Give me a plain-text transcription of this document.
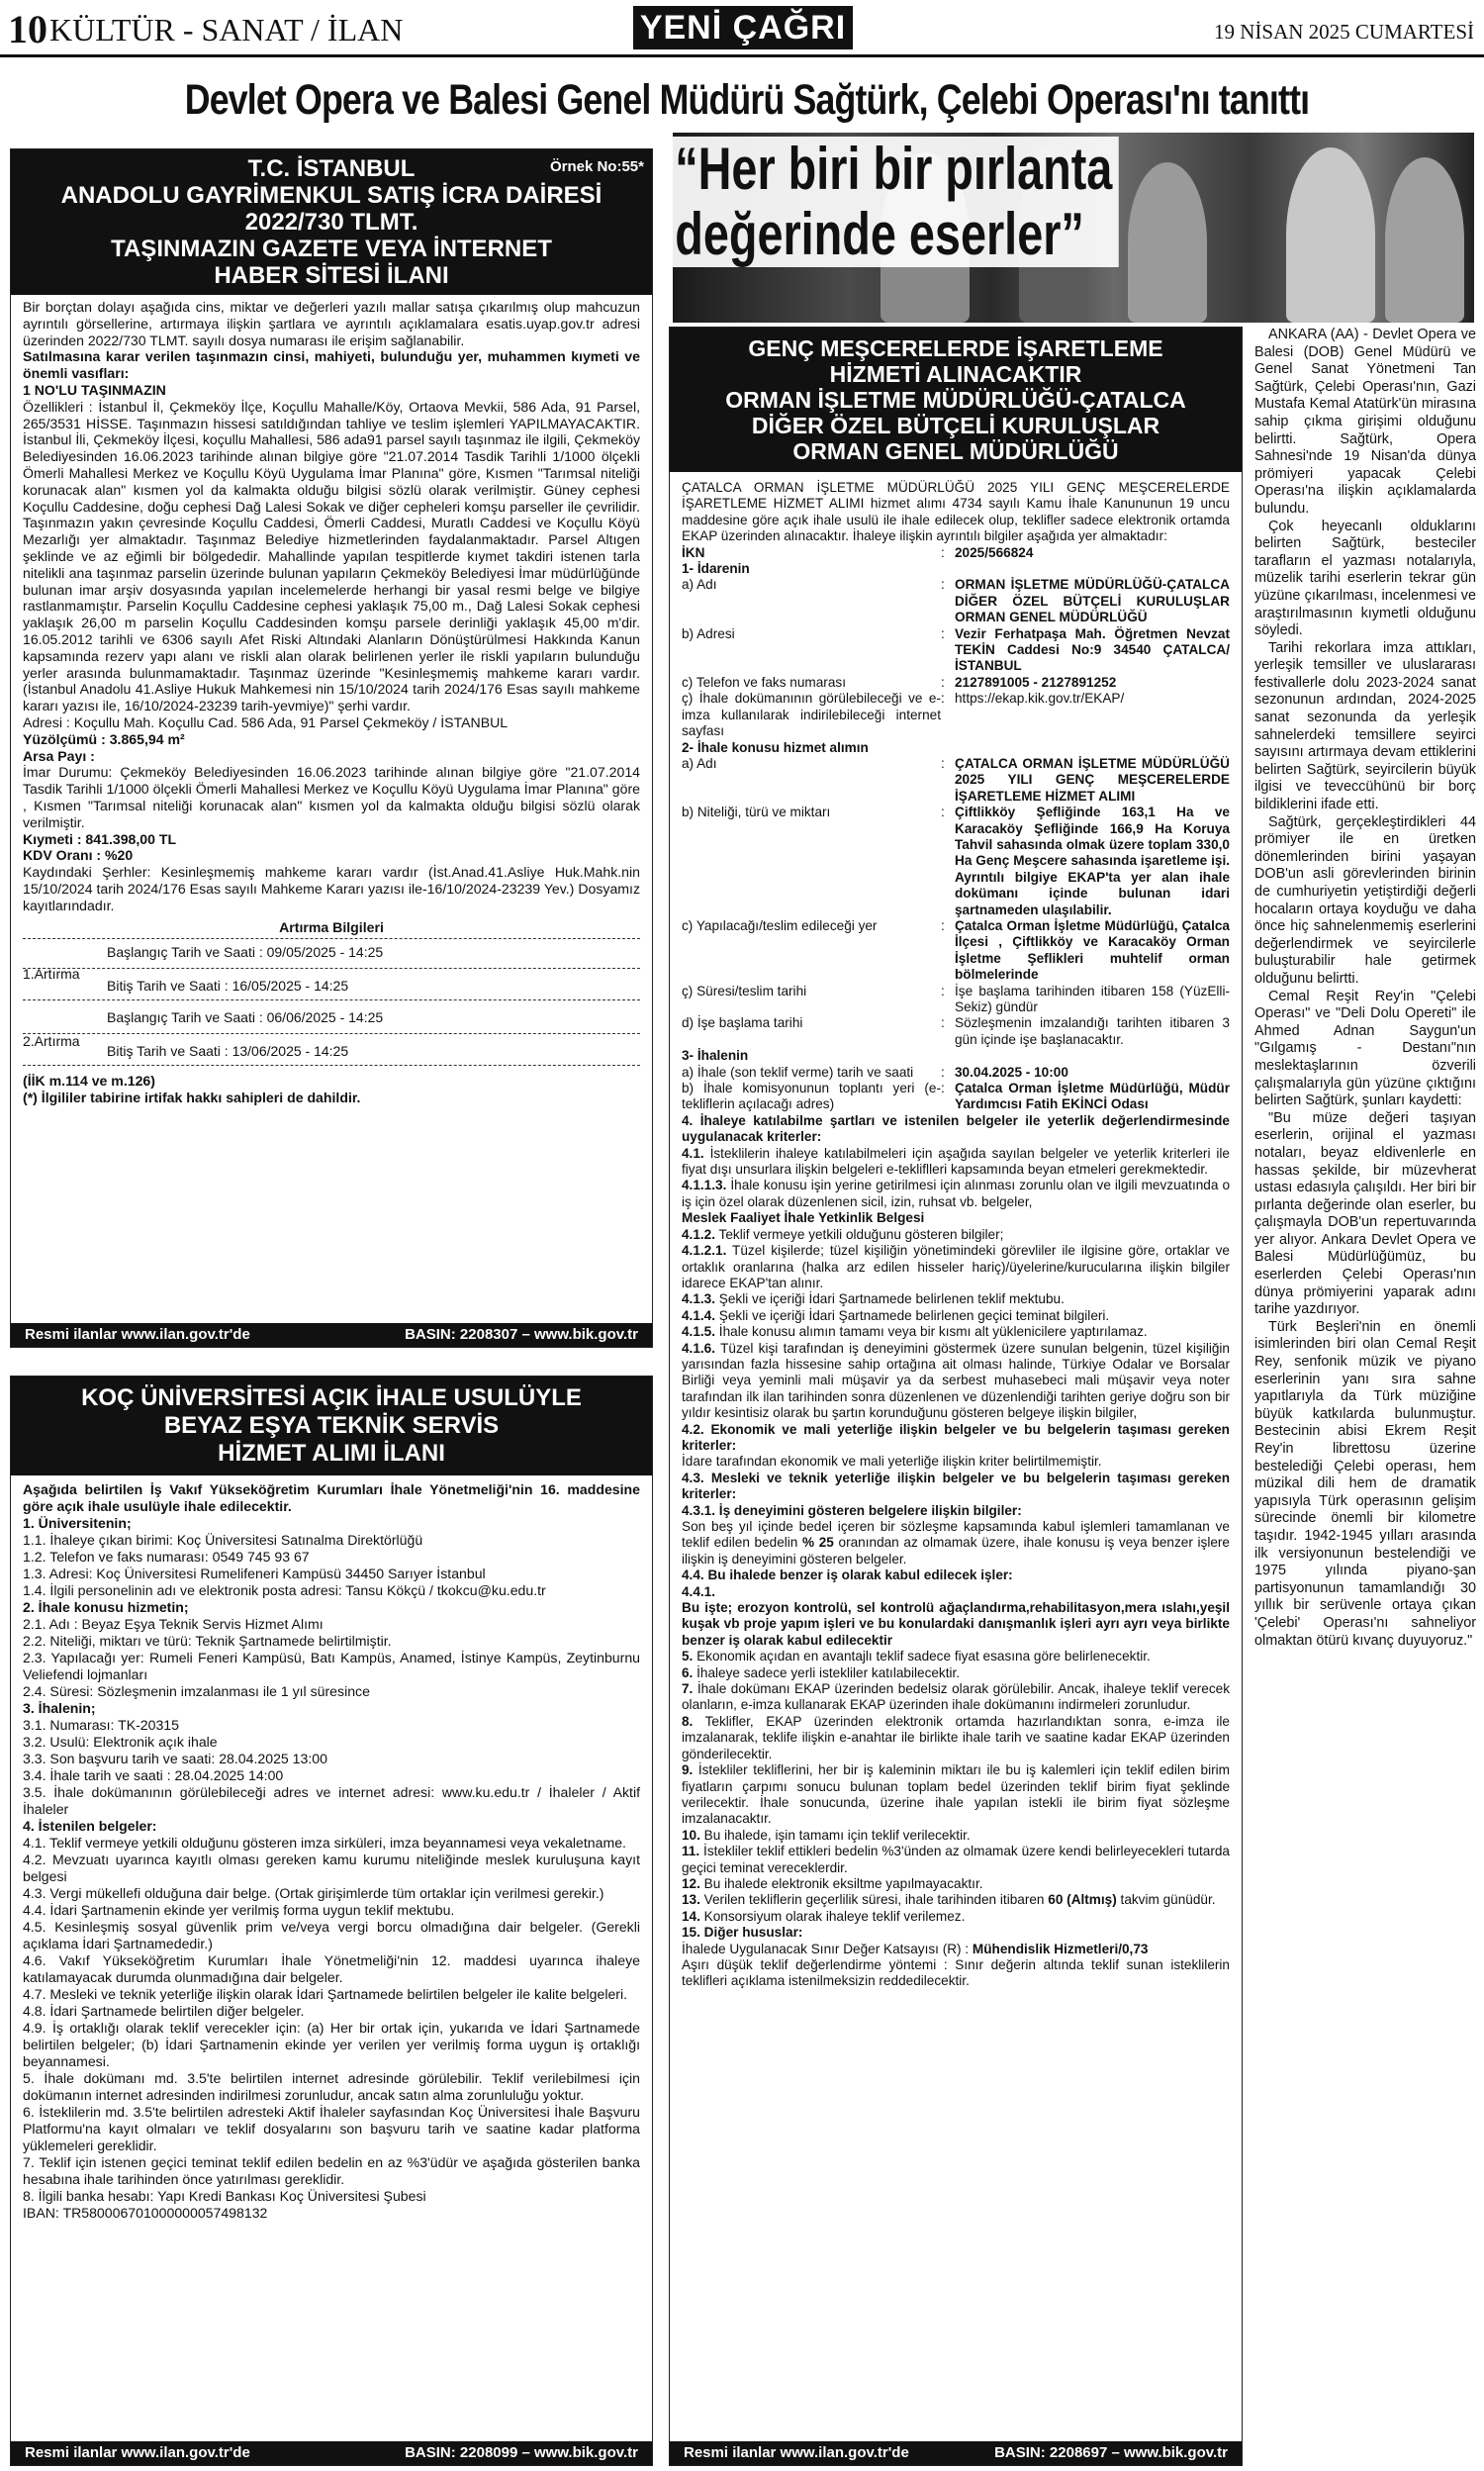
10 KÜLTÜR - SANAT / İLAN	YENİ ÇAĞRI	19 NİSAN 2025 CUMARTESİ
Devlet Opera ve Balesi Genel Müdürü Sağtürk, Çelebi Operası'nı tanıttı
“Her biri bir pırlanta
değerinde eserler”
Örnek No:55*
T.C. İSTANBUL
ANADOLU GAYRİMENKUL SATIŞ İCRA DAİRESİ
2022/730 TLMT.
TAŞINMAZIN GAZETE VEYA İNTERNET
HABER SİTESİ İLANI

Bir borçtan dolayı aşağıda cins, miktar ve değerleri yazılı mallar satışa çıkarılmış olup mahcuzun ayrıntılı görsellerine, artırmaya ilişkin şartlara ve ayrıntılı açıklamalara esatis.uyap.gov.tr adresi üzerinden 2022/730 TLMT. sayılı dosya numarası ile erişim sağlanabilir.

Satılmasına karar verilen taşınmazın cinsi, mahiyeti, bulunduğu yer, muhammen kıymeti ve önemli vasıfları:

1 NO'LU TAŞINMAZIN

Özellikleri : İstanbul İl, Çekmeköy İlçe, Koçullu Mahalle/Köy, Ortaova Mevkii, 586 Ada, 91 Parsel, 265/3531 HİSSE. Taşınmazın hissesi satıldığından tahliye ve teslim işlemleri YAPILMAYACAKTIR. İstanbul İli, Çekmeköy İlçesi, koçullu Mahallesi, 586 ada91 parsel sayılı taşınmaz ile ilgili, Çekmeköy Belediyesinden 16.06.2023 tarihinde alınan bilgiye göre "21.07.2014 Tasdik Tarihli 1/1000 ölçekli Ömerli Mahallesi Merkez ve Koçullu Köyü Uygulama İmar Planına" göre, Kısmen "Tarımsal niteliği korunacak alan" kısmen yol da kalmakta olduğu bilgisi sözlü olarak verilmiştir. Güney cephesi Koçullu Caddesine, doğu cephesi Dağ Lalesi Sokak ve diğer cepheleri komşu parseller ile çevrilidir. Taşınmazın yakın çevresinde Koçullu Caddesi, Ömerli Caddesi, Muratlı Caddesi ve Koçullu Köyü Mezarlığı yer almaktadır. Taşınmaz Belediye hizmetlerinden faydalanmaktadır. Parsel Altıgen şeklinde ve az eğimli bir bölgededir. Mahallinde yapılan tespitlerde kıymet takdiri istenen tarla nitelikli ana taşınmaz parselin üzerinde bulunan yapıların Çekmeköy Belediyesi İmar müdürlüğünde bulunan imar arşiv dosyasında yapılan incelemelerde herhangi bir yasal resmi belge ve bilgiye rastlanmamıştır. Parselin Koçullu Caddesine cephesi yaklaşık 75,00 m., Dağ Lalesi Sokak cephesi yaklaşık 26,00 m parselin Koçullu Caddesinden komşu parsele derinliği yaklaşık 45,00 m'dir. 16.05.2012 tarihli ve 6306 sayılı Afet Riski Altındaki Alanların Dönüştürülmesi Hakkında Kanun kapsamında rezerv yapı alanı ve riskli alan olarak belirlenen yerler ile riskli yapıların bulunduğu yerler arasında bulunmamaktadır. Taşınmaz üzerinde "Kesinleşmemiş mahkeme kararı vardır. (İstanbul Anadolu 41.Asliye Hukuk Mahkemesi nin 15/10/2024 tarih 2024/176 Esas sayılı mahkeme kararı yazısı ile, 16/10/2024-23239 tarih-yevmiye)" şerhi vardır.

Adresi : Koçullu Mah. Koçullu Cad. 586 Ada, 91 Parsel Çekmeköy / İSTANBUL

Yüzölçümü : 3.865,94 m²

Arsa Payı :

İmar Durumu: Çekmeköy Belediyesinden 16.06.2023 tarihinde alınan bilgiye göre "21.07.2014 Tasdik Tarihli 1/1000 ölçekli Ömerli Mahallesi Merkez ve Koçullu Köyü Uygulama İmar Planına" göre , Kısmen "Tarımsal niteliği korunacak alan" kısmen yol da kalmakta olduğu bilgisi sözlü olarak verilmiştir.

Kıymeti : 841.398,00 TL

KDV Oranı : %20

Kaydındaki Şerhler: Kesinleşmemiş mahkeme kararı vardır (İst.Anad.41.Asliye Huk.Mahk.nin 15/10/2024 tarih 2024/176 Esas sayılı Mahkeme Kararı yazısı ile-16/10/2024-23239 Yev.) Dosyamız kayıtlarındadır.

Artırma Bilgileri

1.Artırma
Başlangıç Tarih ve Saati : 09/05/2025 - 14:25
Bitiş Tarih ve Saati : 16/05/2025 - 14:25
2.Artırma
Başlangıç Tarih ve Saati : 06/06/2025 - 14:25
Bitiş Tarih ve Saati : 13/06/2025 - 14:25

(İİK m.114 ve m.126)

(*) İlgililer tabirine irtifak hakkı sahipleri de dahildir.

Resmi ilanlar www.ilan.gov.tr'de	BASIN: 2208307 – www.bik.gov.tr
KOÇ ÜNİVERSİTESİ AÇIK İHALE USULÜYLE
BEYAZ EŞYA TEKNİK SERVİS
HİZMET ALIMI İLANI

Aşağıda belirtilen İş Vakıf Yükseköğretim Kurumları İhale Yönetmeliği'nin 16. maddesine göre açık ihale usulüyle ihale edilecektir.

1. Üniversitenin;

1.1. İhaleye çıkan birimi: Koç Üniversitesi Satınalma Direktörlüğü

1.2. Telefon ve faks numarası: 0549 745 93 67

1.3. Adresi: Koç Üniversitesi Rumelifeneri Kampüsü 34450 Sarıyer İstanbul

1.4. İlgili personelinin adı ve elektronik posta adresi: Tansu Kökçü / tkokcu@ku.edu.tr

2. İhale konusu hizmetin;

2.1. Adı : Beyaz Eşya Teknik Servis Hizmet Alımı

2.2. Niteliği, miktarı ve türü: Teknik Şartnamede belirtilmiştir.

2.3. Yapılacağı yer: Rumeli Feneri Kampüsü, Batı Kampüs, Anamed, İstinye Kampüs, Zeytinburnu Veliefendi lojmanları

2.4. Süresi: Sözleşmenin imzalanması ile 1 yıl süresince

3. İhalenin;

3.1. Numarası: TK-20315

3.2. Usulü: Elektronik açık ihale

3.3. Son başvuru tarih ve saati: 28.04.2025 13:00

3.4. İhale tarih ve saati : 28.04.2025 14:00

3.5. İhale dokümanının görülebileceği adres ve internet adresi: www.ku.edu.tr / İhaleler / Aktif İhaleler

4. İstenilen belgeler:

4.1. Teklif vermeye yetkili olduğunu gösteren imza sirküleri, imza beyannamesi veya vekaletname.

4.2. Mevzuatı uyarınca kayıtlı olması gereken kamu kurumu niteliğinde meslek kuruluşuna kayıt belgesi

4.3. Vergi mükellefi olduğuna dair belge. (Ortak girişimlerde tüm ortaklar için verilmesi gerekir.)

4.4. İdari Şartnamenin ekinde yer verilmiş forma uygun teklif mektubu.

4.5. Kesinleşmiş sosyal güvenlik prim ve/veya vergi borcu olmadığına dair belgeler. (Gerekli açıklama İdari Şartnamededir.)

4.6. Vakıf Yükseköğretim Kurumları İhale Yönetmeliği'nin 12. maddesi uyarınca ihaleye katılamayacak durumda olunmadığına dair belgeler.

4.7. Mesleki ve teknik yeterliğe ilişkin olarak İdari Şartnamede belirtilen belgeler ile kalite belgeleri.

4.8. İdari Şartnamede belirtilen diğer belgeler.

4.9. İş ortaklığı olarak teklif verecekler için: (a) Her bir ortak için, yukarıda ve İdari Şartnamede belirtilen belgeler; (b) İdari Şartnamenin ekinde yer verilen yer verilmiş forma uygun iş ortaklığı beyannamesi.

5. İhale dokümanı md. 3.5'te belirtilen internet adresinde görülebilir. Teklif verilebilmesi için dokümanın internet adresinden indirilmesi zorunludur, ancak satın alma zorunluluğu yoktur.

6. İsteklilerin md. 3.5'te belirtilen adresteki Aktif İhaleler sayfasından Koç Üniversitesi İhale Başvuru Platformu'na kayıt olmaları ve teklif dosyalarını son başvuru tarih ve saatine kadar platforma yüklemeleri gereklidir.

7. Teklif için istenen geçici teminat teklif edilen bedelin en az %3'üdür ve aşağıda gösterilen banka hesabına ihale tarihinden önce yatırılması gereklidir.

8. İlgili banka hesabı: Yapı Kredi Bankası Koç Üniversitesi Şubesi

IBAN: TR580006701000000057498132

Resmi ilanlar www.ilan.gov.tr'de	BASIN: 2208099 – www.bik.gov.tr
GENÇ MEŞCERELERDE İŞARETLEME
HİZMETİ ALINACAKTIR
ORMAN İŞLETME MÜDÜRLÜĞÜ-ÇATALCA
DİĞER ÖZEL BÜTÇELİ KURULUŞLAR
ORMAN GENEL MÜDÜRLÜĞÜ

ÇATALCA ORMAN İŞLETME MÜDÜRLÜĞÜ 2025 YILI GENÇ MEŞCERELERDE İŞARETLEME HİZMET ALIMI hizmet alımı 4734 sayılı Kamu İhale Kanununun 19 uncu maddesine göre açık ihale usulü ile ihale edilecek olup, teklifler sadece elektronik ortamda EKAP üzerinden alınacaktır. İhaleye ilişkin ayrıntılı bilgiler aşağıda yer almaktadır:

İKN	: 2025/566824
1- İdarenin
a) Adı	: ORMAN İŞLETME MÜDÜRLÜĞÜ-ÇATALCA DİĞER ÖZEL BÜTÇELİ KURULUŞLAR ORMAN GENEL MÜDÜRLÜĞÜ
b) Adresi	: Vezir Ferhatpaşa Mah. Öğretmen Nevzat TEKİN Caddesi No:9 34540 ÇATALCA/İSTANBUL
c) Telefon ve faks numarası	: 2127891005 - 2127891252
ç) İhale dokümanının görülebileceği ve e-imza kullanılarak indirilebileceği internet sayfası
: https://ekap.kik.gov.tr/EKAP/
2- İhale konusu hizmet alımın
a) Adı	: ÇATALCA ORMAN İŞLETME MÜDÜRLÜĞÜ 2025 YILI GENÇ MEŞCERELERDE İŞARETLEME HİZMET ALIMI
b) Niteliği, türü ve miktarı	: Çiftlikköy Şefliğinde 163,1 Ha ve Karacaköy Şefliğinde 166,9 Ha Koruya Tahvil sahasında olmak üzere toplam 330,0 Ha Genç Meşcere sahasında işaretleme işi. Ayrıntılı bilgiye EKAP'ta yer alan ihale dokümanı içinde bulunan idari şartnameden ulaşılabilir.
c) Yapılacağı/teslim edileceği yer	: Çatalca Orman İşletme Müdürlüğü, Çatalca İlçesi , Çiftlikköy ve Karacaköy Orman İşletme Şeflikleri muhtelif orman bölmelerinde
ç) Süresi/teslim tarihi	: İşe başlama tarihinden itibaren 158 (YüzElli-Sekiz) gündür
d) İşe başlama tarihi	: Sözleşmenin imzalandığı tarihten itibaren 3 gün içinde işe başlanacaktır.
3- İhalenin
a) İhale (son teklif verme) tarih ve saati	: 30.04.2025 - 10:00
b) İhale komisyonunun toplantı yeri (e-tekliflerin açılacağı adres)
: Çatalca Orman İşletme Müdürlüğü, Müdür Yardımcısı Fatih EKİNCİ Odası

4. İhaleye katılabilme şartları ve istenilen belgeler ile yeterlik değerlendirmesinde uygulanacak kriterler:

4.1. İsteklilerin ihaleye katılabilmeleri için aşağıda sayılan belgeler ve yeterlik kriterleri ile fiyat dışı unsurlara ilişkin belgeleri e-tekliflleri kapsamında beyan etmeleri gerekmektedir.

4.1.1.3. İhale konusu işin yerine getirilmesi için alınması zorunlu olan ve ilgili mevzuatında o iş için özel olarak düzenlenen sicil, izin, ruhsat vb. belgeler,

Meslek Faaliyet İhale Yetkinlik Belgesi

4.1.2. Teklif vermeye yetkili olduğunu gösteren bilgiler;

4.1.2.1. Tüzel kişilerde; tüzel kişiliğin yönetimindeki görevliler ile ilgisine göre, ortaklar ve ortaklık oranlarına (halka arz edilen hisseler hariç)/üyelerine/kurucularına ilişkin bilgiler idarece EKAP'tan alınır.

4.1.3. Şekli ve içeriği İdari Şartnamede belirlenen teklif mektubu.

4.1.4. Şekli ve içeriği İdari Şartnamede belirlenen geçici teminat bilgileri.

4.1.5. İhale konusu alımın tamamı veya bir kısmı alt yüklenicilere yaptırılamaz.

4.1.6. Tüzel kişi tarafından iş deneyimini göstermek üzere sunulan belgenin, tüzel kişiliğin yarısından fazla hissesine sahip ortağına ait olması halinde, Türkiye Odalar ve Borsalar Birliği veya yeminli mali müşavir ya da serbest muhasebeci mali müşavir veya noter tarafından ilk ilan tarihinden sonra düzenlenen ve düzenlendiği tarihten geriye doğru son bir yıldır kesintisiz olarak bu şartın korunduğunu gösteren belgeye ilişkin bilgiler,

4.2. Ekonomik ve mali yeterliğe ilişkin belgeler ve bu belgelerin taşıması gereken kriterler:

İdare tarafından ekonomik ve mali yeterliğe ilişkin kriter belirtilmemiştir.

4.3. Mesleki ve teknik yeterliğe ilişkin belgeler ve bu belgelerin taşıması gereken kriterler:

4.3.1. İş deneyimini gösteren belgelere ilişkin bilgiler:

Son beş yıl içinde bedel içeren bir sözleşme kapsamında kabul işlemleri tamamlanan ve teklif edilen bedelin % 25 oranından az olmamak üzere, ihale konusu iş veya benzer işlere ilişkin iş deneyimini gösteren belgeler.

4.4. Bu ihalede benzer iş olarak kabul edilecek işler:

4.4.1.

Bu işte; erozyon kontrolü, sel kontrolü ağaçlandırma,rehabilitasyon,mera ıslahı,yeşil kuşak vb proje yapım işleri ve bu konulardaki danışmanlık işleri ayrı ayrı veya birlikte benzer iş olarak kabul edilecektir

5. Ekonomik açıdan en avantajlı teklif sadece fiyat esasına göre belirlenecektir.

6. İhaleye sadece yerli istekliler katılabilecektir.

7. İhale dokümanı EKAP üzerinden bedelsiz olarak görülebilir. Ancak, ihaleye teklif verecek olanların, e-imza kullanarak EKAP üzerinden ihale dokümanını indirmeleri zorunludur.

8. Teklifler, EKAP üzerinden elektronik ortamda hazırlandıktan sonra, e-imza ile imzalanarak, teklife ilişkin e-anahtar ile birlikte ihale tarih ve saatine kadar EKAP üzerinden gönderilecektir.

9. İstekliler tekliflerini, her bir iş kaleminin miktarı ile bu iş kalemleri için teklif edilen birim fiyatların çarpımı sonucu bulunan toplam bedel üzerinden teklif birim fiyat şeklinde verilecektir. İhale sonucunda, üzerine ihale yapılan istekli ile birim fiyat sözleşme imzalanacaktır.

10. Bu ihalede, işin tamamı için teklif verilecektir.

11. İstekliler teklif ettikleri bedelin %3'ünden az olmamak üzere kendi belirleyecekleri tutarda geçici teminat vereceklerdir.

12. Bu ihalede elektronik eksiltme yapılmayacaktır.

13. Verilen tekliflerin geçerlilik süresi, ihale tarihinden itibaren 60 (Altmış) takvim günüdür.

14. Konsorsiyum olarak ihaleye teklif verilemez.

15. Diğer hususlar:

İhalede Uygulanacak Sınır Değer Katsayısı (R) : Mühendislik Hizmetleri/0,73

Aşırı düşük teklif değerlendirme yöntemi : Sınır değerin altında teklif sunan isteklilerin teklifleri açıklama istenilmeksizin reddedilecektir.

Resmi ilanlar www.ilan.gov.tr'de	BASIN: 2208697 – www.bik.gov.tr

ANKARA (AA) - Devlet Opera ve Balesi (DOB) Genel Müdürü ve Genel Sanat Yönetmeni Tan Sağtürk, Çelebi Operası'nın, Gazi Mustafa Kemal Atatürk'ün mirasına sahip çıkma girişimi olduğunu belirtti. Sağtürk, Opera Sahnesi'nde 19 Nisan'da dünya prömiyeri yapacak Çelebi Operası'na ilişkin açıklamalarda bulundu.

Çok heyecanlı olduklarını belirten Sağtürk, besteciler tarafların el yazması notalarıyla, müzelik tarihi eserlerin tekrar gün yüzüne çıkarılması, incelenmesi ve araştırılmasının kıymetli olduğunu söyledi.

Tarihi rekorlara imza attıkları, yerleşik temsiller ve uluslararası festivallerle dolu 2023-2024 sanat sezonunun ardından, 2024-2025 sanat sezonunda da yerleşik sahnelerdeki temsillere seyirci sayısını artırmaya devam ettiklerini belirten Sağtürk, seyircilerin büyük ilgisi ve teveccühünü bir borç bildiklerini ifade etti.

Sağtürk, gerçekleştirdikleri 44 prömiyer ile en üretken dönemlerinden birini yaşayan DOB'un asli görevlerinden birinin de cumhuriyetin yetiştirdiği değerli hocaların ortaya koyduğu ve daha önce hiç sahnelenmemiş eserlerini değerlendirmek ve seyircilerle buluşturabilir hale getirmek olduğunu belirtti.

Cemal Reşit Rey'in "Çelebi Operası" ve "Deli Dolu Opereti" ile Ahmed Adnan Saygun'un "Gılgamış - Destanı"nın meslektaşlarının özverili çalışmalarıyla gün yüzüne çıktığını belirten Sağtürk, şunları kaydetti:

"Bu müze değeri taşıyan eserlerin, orijinal el yazması notaları, beyaz eldivenlerle en hassas şekilde, bir müzevherat ustası edasıyla çalışıldı. Her biri bir pırlanta değerinde olan eserler, bu çalışmayla DOB'un repertuvarında yer alıyor. Ankara Devlet Opera ve Balesi Müdürlüğümüz, bu eserlerden Çelebi Operası'nın dünya prömiyerini yaparak adını tarihe yazdırıyor.

Türk Beşleri'nin en önemli isimlerinden biri olan Cemal Reşit Rey, senfonik müzik ve piyano eserlerinin yanı sıra sahne yapıtlarıyla da Türk müziğine büyük katkılarda bulunmuştur. Bestecinin abisi Ekrem Reşit Rey'in librettosu üzerine bestelediği Çelebi operası, hem müzikal dili hem de dramatik yapısıyla Türk operasının gelişim sürecinde önemli bir kilometre taşıdır. 1942-1945 yılları arasında ilk versiyonunun bestelendiği ve 1975 yılında piyano-şan partisyonunun tamamlandığı 30 yıllık bir serüvenle ortaya çıkan 'Çelebi' Operası'nı sahneliyor olmaktan ötürü kıvanç duyuyoruz."
